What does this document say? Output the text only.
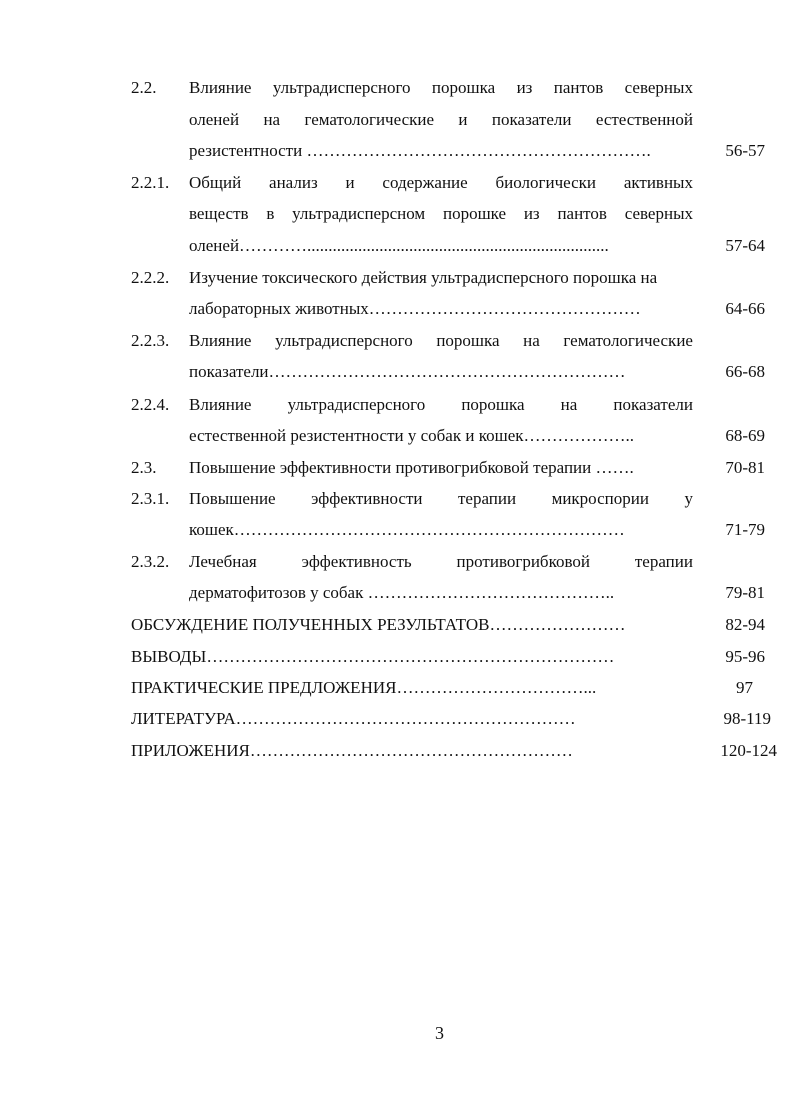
2.2. Влияние ультрадисперсного порошка из пантов северных
оленей на гематологические и показатели естественной
резистентности …………………………………………………….	56-57
2.2.1. Общий анализ и содержание биологически активных
веществ в ультрадисперсном порошке из пантов северных
оленей………….......................................................................	57-64
2.2.2. Изучение токсического действия ультрадисперсного порошка на
лабораторных животных…………………………………………	64-66
2.2.3. Влияние ультрадисперсного порошка на гематологические
показатели………………………………………………………	66-68
2.2.4. Влияние ультрадисперсного порошка на показатели
естественной резистентности у собак и кошек………………..	68-69
2.3. Повышение эффективности противогрибковой терапии …….	70-81
2.3.1. Повышение эффективности терапии микроспории у
кошек……………………………………………………………	71-79
2.3.2. Лечебная	эффективность	противогрибковой	терапии
дерматофитозов у собак ……………………………………..	79-81
ОБСУЖДЕНИЕ ПОЛУЧЕННЫХ РЕЗУЛЬТАТОВ……………………	82-94
ВЫВОДЫ………………………………………………………………	95-96
ПРАКТИЧЕСКИЕ ПРЕДЛОЖЕНИЯ……………………………...	97
ЛИТЕРАТУРА……………………………………………………	98-119
ПРИЛОЖЕНИЯ…………………………………………………	120-124
3
